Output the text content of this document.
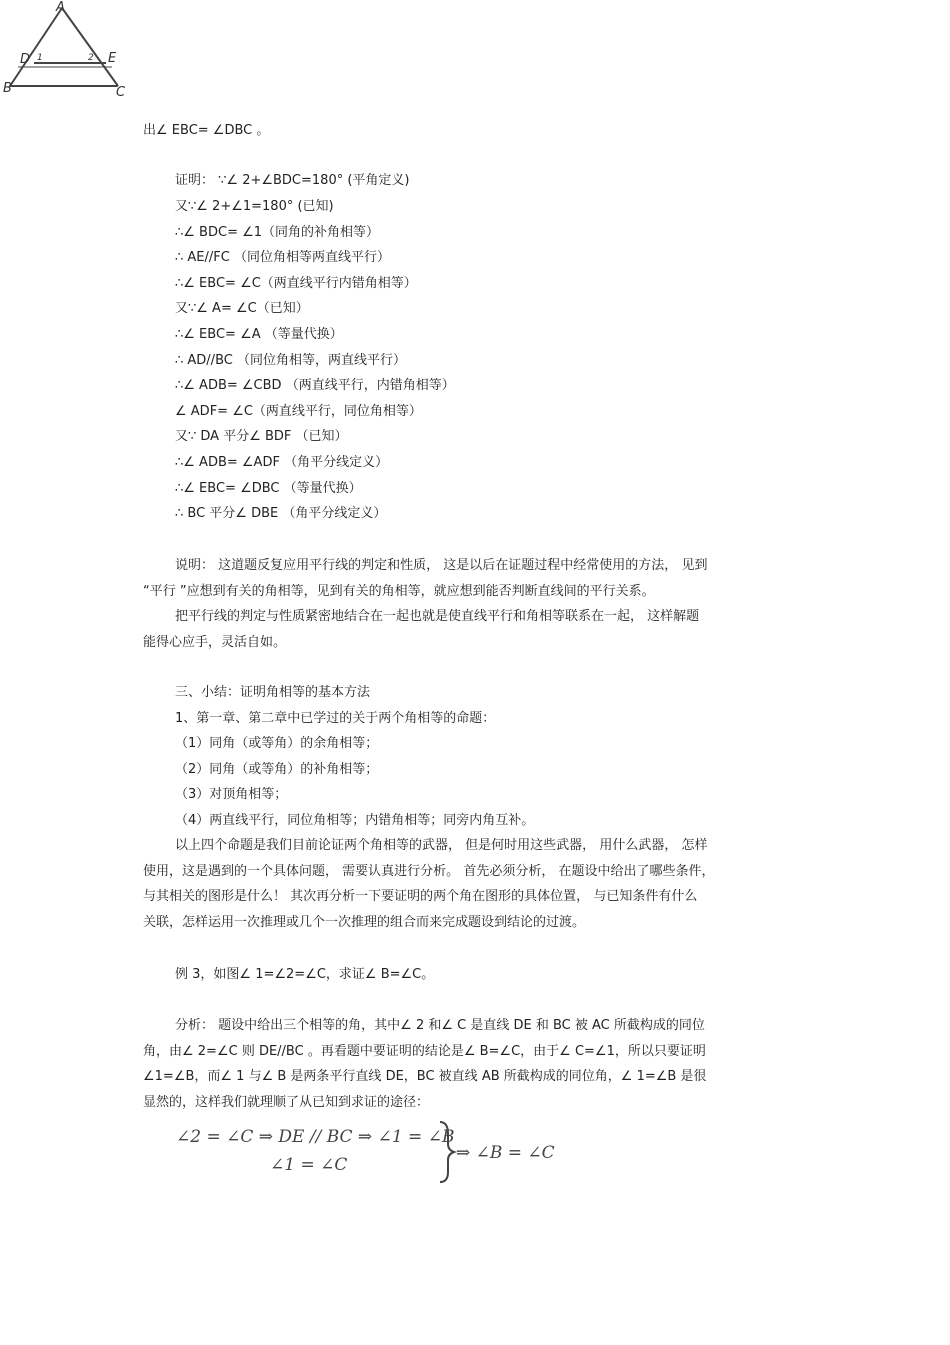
A
D	E
B	C
1	2
出∠ EBC= ∠DBC 。
证明： ∵∠ 2+∠BDC=180° (平角定义)
又∵∠ 2+∠1=180° (已知)
∴∠ BDC= ∠1（同角的补角相等）
∴ AE//FC （同位角相等两直线平行）
∴∠ EBC= ∠C（两直线平行内错角相等）
又∵∠ A= ∠C（已知）
∴∠ EBC= ∠A （等量代换）
∴ AD//BC （同位角相等，两直线平行）
∴∠ ADB= ∠CBD （两直线平行，内错角相等）
∠ ADF= ∠C（两直线平行，同位角相等）
又∵ DA 平分∠ BDF （已知）
∴∠ ADB= ∠ADF （角平分线定义）
∴∠ EBC= ∠DBC （等量代换）
∴ BC 平分∠ DBE （角平分线定义）
说明： 这道题反复应用平行线的判定和性质， 这是以后在证题过程中经常使用的方法， 见到
“平行 ”应想到有关的角相等，见到有关的角相等，就应想到能否判断直线间的平行关系。
把平行线的判定与性质紧密地结合在一起也就是使直线平行和角相等联系在一起， 这样解题
能得心应手，灵活自如。
三、小结：证明角相等的基本方法
1、第一章、第二章中已学过的关于两个角相等的命题：
（1）同角（或等角）的余角相等；
（2）同角（或等角）的补角相等；
（3）对顶角相等；
（4）两直线平行，同位角相等；内错角相等；同旁内角互补。
以上四个命题是我们目前论证两个角相等的武器， 但是何时用这些武器， 用什么武器， 怎样
使用，这是遇到的一个具体问题， 需要认真进行分析。 首先必须分析， 在题设中给出了哪些条件，
与其相关的图形是什么！ 其次再分析一下要证明的两个角在图形的具体位置， 与已知条件有什么
关联，怎样运用一次推理或几个一次推理的组合而来完成题设到结论的过渡。
例 3，如图∠ 1=∠2=∠C，求证∠ B=∠C。
分析： 题设中给出三个相等的角，其中∠ 2 和∠ C 是直线 DE 和 BC 被 AC 所截构成的同位
角，由∠ 2=∠C 则 DE//BC 。再看题中要证明的结论是∠ B=∠C，由于∠ C=∠1，所以只要证明
∠1=∠B，而∠ 1 与∠ B 是两条平行直线 DE，BC 被直线 AB 所截构成的同位角，∠ 1=∠B 是很
显然的，这样我们就理顺了从已知到求证的途径：
∠2 = ∠C ⇒ DE // BC ⇒ ∠1 = ∠B
∠1 = ∠C
⇒ ∠B = ∠C
